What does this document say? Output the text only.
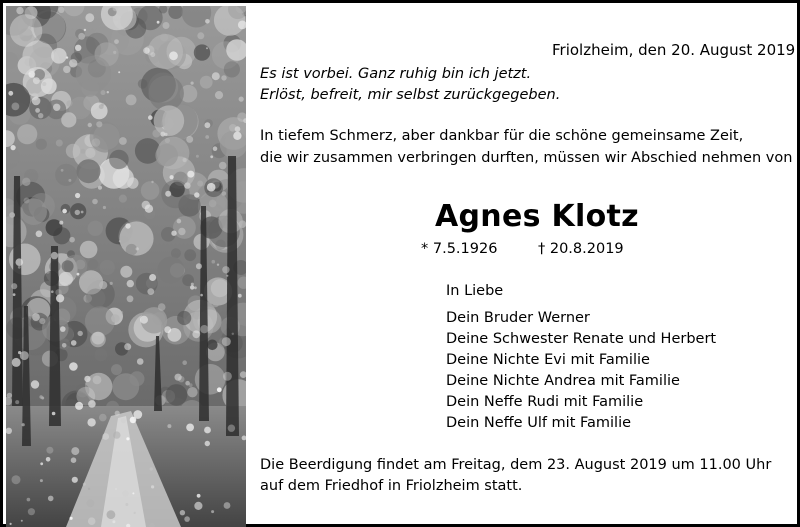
Friolzheim, den 20. August 2019
Es ist vorbei. Ganz ruhig bin ich jetzt.
Erlöst, befreit, mir selbst zurückgegeben.
In tiefem Schmerz, aber dankbar für die schöne gemeinsame Zeit,
die wir zusammen verbringen durften, müssen wir Abschied nehmen von
Agnes Klotz
* 7.5.1926	† 20.8.2019
In Liebe
Dein Bruder Werner
Deine Schwester Renate und Herbert
Deine Nichte Evi mit Familie
Deine Nichte Andrea mit Familie
Dein Neffe Rudi mit Familie
Dein Neffe Ulf mit Familie
Die Beerdigung findet am Freitag, dem 23. August 2019 um 11.00 Uhr
auf dem Friedhof in Friolzheim statt.
